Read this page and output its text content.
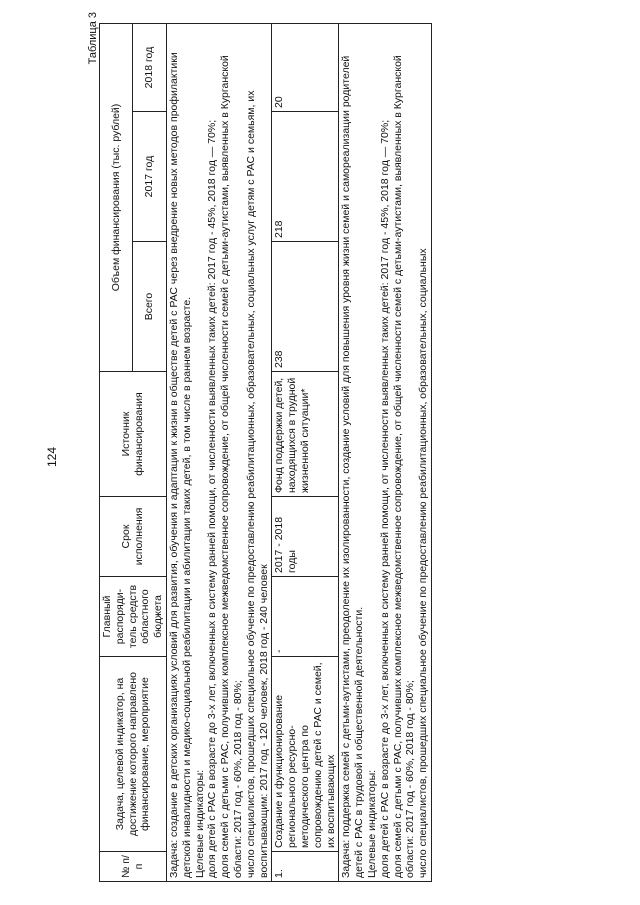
124
Таблица 3
№ п/п	Задача, целевой индикатор, на достижение которого направлено финансирование, мероприятие	Главный распоряди-тель средств областного бюджета	Срок исполнения	Источник финансирования	Объем финансирования (тыс. рублей)		
					Всего	2017 год	2018 год

Задача: создание в детских организациях условий для развития, обучения и адаптации к жизни в обществе детей с РАС через внедрение новых методов профилактики детской инвалидности и медико-социальной реабилитации и абилитации таких детей, в том числе в раннем возрасте. Целевые индикаторы: доля детей с РАС в возрасте до 3-х лет, включенных в систему ранней помощи, от численности выявленных таких детей: 2017 год - 45%, 2018 год — 70%; доля семей с детьми с РАС, получивших комплексное межведомственное сопровождение, от общей численности семей с детьми-аутистами, выявленных в Курганской области: 2017 год - 60%, 2018 год - 80%; число специалистов, прошедших специальное обучение по предоставлению реабилитационных, образовательных, социальных услуг детям с РАС и семьям, их воспитывающим: 2017 год - 120 человек, 2018 год - 240 человек							

1.	Создание и функционирование регионального ресурсно-методического центра по сопровождению детей с РАС и семей, их воспитывающих	-	2017 - 2018 годы	Фонд поддержки детей, находящихся в трудной жизненной ситуации*	238	218	20

Задача: поддержка семей с детьми-аутистами, преодоление их изолированности, создание условий для повышения уровня жизни семей и самореализации родителей детей с РАС в трудовой и общественной деятельности. Целевые индикаторы: доля детей с РАС в возрасте до 3-х лет, включенных в систему ранней помощи, от численности выявленных таких детей: 2017 год - 45%, 2018 год — 70%; доля семей с детьми с РАС, получивших комплексное межведомственное сопровождение, от общей численности семей с детьми-аутистами, выявленных в Курганской области: 2017 год - 60%, 2018 год - 80%; число специалистов, прошедших специальное обучение по предоставлению реабилитационных, образовательных, социальных							
